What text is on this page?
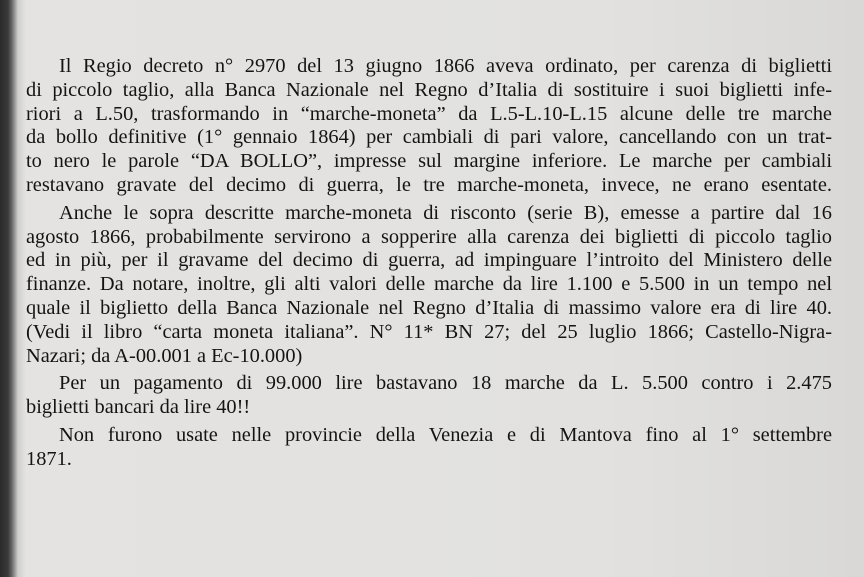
Il Regio decreto n° 2970 del 13 giugno 1866 aveva ordinato, per carenza di biglietti
di piccolo taglio, alla Banca Nazionale nel Regno d’Italia di sostituire i suoi biglietti infe-
riori a L.50, trasformando in “marche-moneta” da L.5-L.10-L.15 alcune delle tre marche
da bollo definitive (1° gennaio 1864) per cambiali di pari valore, cancellando con un trat-
to nero le parole “DA BOLLO”, impresse sul margine inferiore. Le marche per cambiali
restavano gravate del decimo di guerra, le tre marche-moneta, invece, ne erano esentate.
Anche le sopra descritte marche-moneta di risconto (serie B), emesse a partire dal 16
agosto 1866, probabilmente servirono a sopperire alla carenza dei biglietti di piccolo taglio
ed in più, per il gravame del decimo di guerra, ad impinguare l’introito del Ministero delle
finanze. Da notare, inoltre, gli alti valori delle marche da lire 1.100 e 5.500 in un tempo nel
quale il biglietto della Banca Nazionale nel Regno d’Italia di massimo valore era di lire 40.
(Vedi il libro “carta moneta italiana”. N° 11* BN 27; del 25 luglio 1866; Castello-Nigra-
Nazari; da A-00.001 a Ec-10.000)
Per un pagamento di 99.000 lire bastavano 18 marche da L. 5.500 contro i 2.475
biglietti bancari da lire 40!!
Non furono usate nelle provincie della Venezia e di Mantova fino al 1° settembre
1871.
